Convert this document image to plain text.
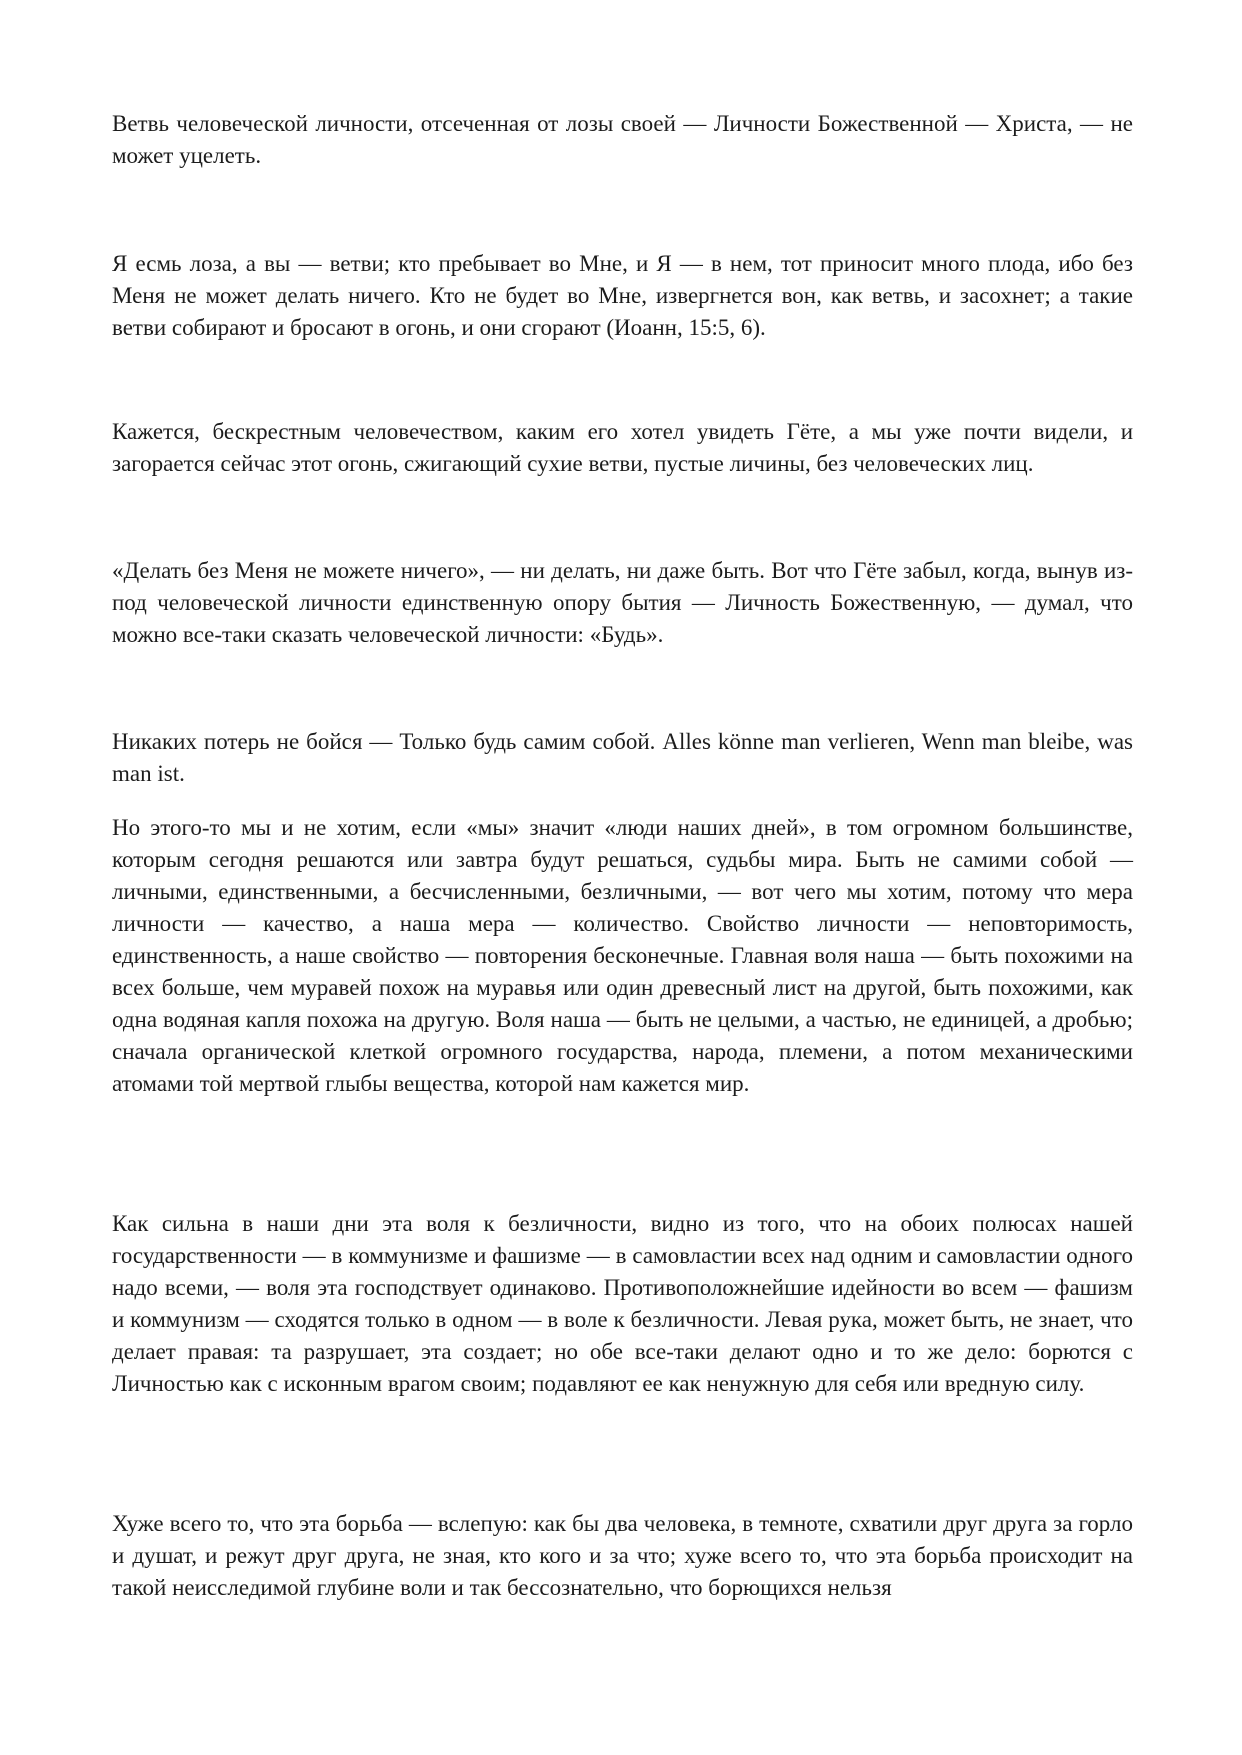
Ветвь человеческой личности, отсеченная от лозы своей — Личности Божественной — Христа, — не может уцелеть.

Я есмь лоза, а вы — ветви; кто пребывает во Мне, и Я — в нем, тот приносит много плода, ибо без Меня не может делать ничего. Кто не будет во Мне, извергнется вон, как ветвь, и засохнет; а такие ветви собирают и бросают в огонь, и они сгорают (Иоанн, 15:5, 6).

Кажется, бескрестным человечеством, каким его хотел увидеть Гёте, а мы уже почти видели, и загорается сейчас этот огонь, сжигающий сухие ветви, пустые личины, без человеческих лиц.

«Делать без Меня не можете ничего», — ни делать, ни даже быть. Вот что Гёте забыл, когда, вынув из-под человеческой личности единственную опору бытия — Личность Божественную, — думал, что можно все-таки сказать человеческой личности: «Будь».

Никаких потерь не бойся — Только будь самим собой. Alles könne man verlieren, Wenn man bleibe, was man ist.

Но этого-то мы и не хотим, если «мы» значит «люди наших дней», в том огромном большинстве, которым сегодня решаются или завтра будут решаться, судьбы мира. Быть не самими собой — личными, единственными, а бесчисленными, безличными, — вот чего мы хотим, потому что мера личности — качество, а наша мера — количество. Свойство личности — неповторимость, единственность, а наше свойство — повторения бесконечные. Главная воля наша — быть похожими на всех больше, чем муравей похож на муравья или один древесный лист на другой, быть похожими, как одна водяная капля похожа на другую. Воля наша — быть не целыми, а частью, не единицей, а дробью; сначала органической клеткой огромного государства, народа, племени, а потом механическими атомами той мертвой глыбы вещества, которой нам кажется мир.

Как сильна в наши дни эта воля к безличности, видно из того, что на обоих полюсах нашей государственности — в коммунизме и фашизме — в самовластии всех над одним и самовластии одного надо всеми, — воля эта господствует одинаково. Противоположнейшие идейности во всем — фашизм и коммунизм — сходятся только в одном — в воле к безличности. Левая рука, может быть, не знает, что делает правая: та разрушает, эта создает; но обе все-таки делают одно и то же дело: борются с Личностью как с исконным врагом своим; подавляют ее как ненужную для себя или вредную силу.

Хуже всего то, что эта борьба — вслепую: как бы два человека, в темноте, схватили друг друга за горло и душат, и режут друг друга, не зная, кто кого и за что; хуже всего то, что эта борьба происходит на такой неисследимой глубине воли и так бессознательно, что борющихся нельзя
